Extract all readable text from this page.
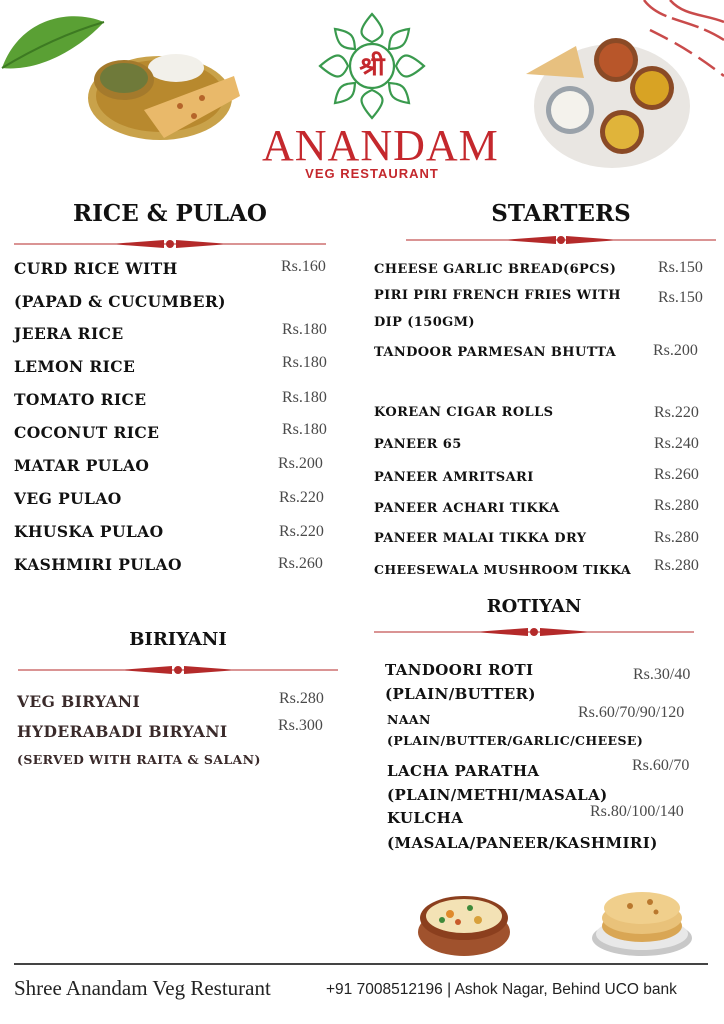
श्री
ANANDAM
VEG RESTAURANT
RICE & PULAO
CURD RICE WITH	Rs.160
(PAPAD & CUCUMBER)
JEERA RICE	Rs.180
LEMON RICE	Rs.180
TOMATO RICE	Rs.180
COCONUT RICE	Rs.180
MATAR PULAO	Rs.200
VEG PULAO	Rs.220
KHUSKA PULAO	Rs.220
KASHMIRI PULAO	Rs.260
STARTERS
CHEESE GARLIC BREAD(6PCS)	Rs.150
PIRI PIRI FRENCH FRIES WITH Rs.150
DIP (150GM)
TANDOOR PARMESAN BHUTTA Rs.200
KOREAN CIGAR ROLLS	Rs.220
PANEER 65	Rs.240
PANEER AMRITSARI	Rs.260
PANEER ACHARI TIKKA	Rs.280
PANEER MALAI TIKKA DRY	Rs.280
CHEESEWALA MUSHROOM TIKKA Rs.280
BIRIYANI
VEG BIRYANI	Rs.280
HYDERABADI BIRYANI	Rs.300
(SERVED WITH RAITA & SALAN)
ROTIYAN
TANDOORI ROTI	Rs.30/40
(PLAIN/BUTTER)
NAAN	Rs.60/70/90/120
(PLAIN/BUTTER/GARLIC/CHEESE)
LACHA PARATHA	Rs.60/70
(PLAIN/METHI/MASALA)
KULCHA	Rs.80/100/140
(MASALA/PANEER/KASHMIRI)
Shree Anandam Veg Resturant	+91 7008512196 | Ashok Nagar, Behind UCO bank
